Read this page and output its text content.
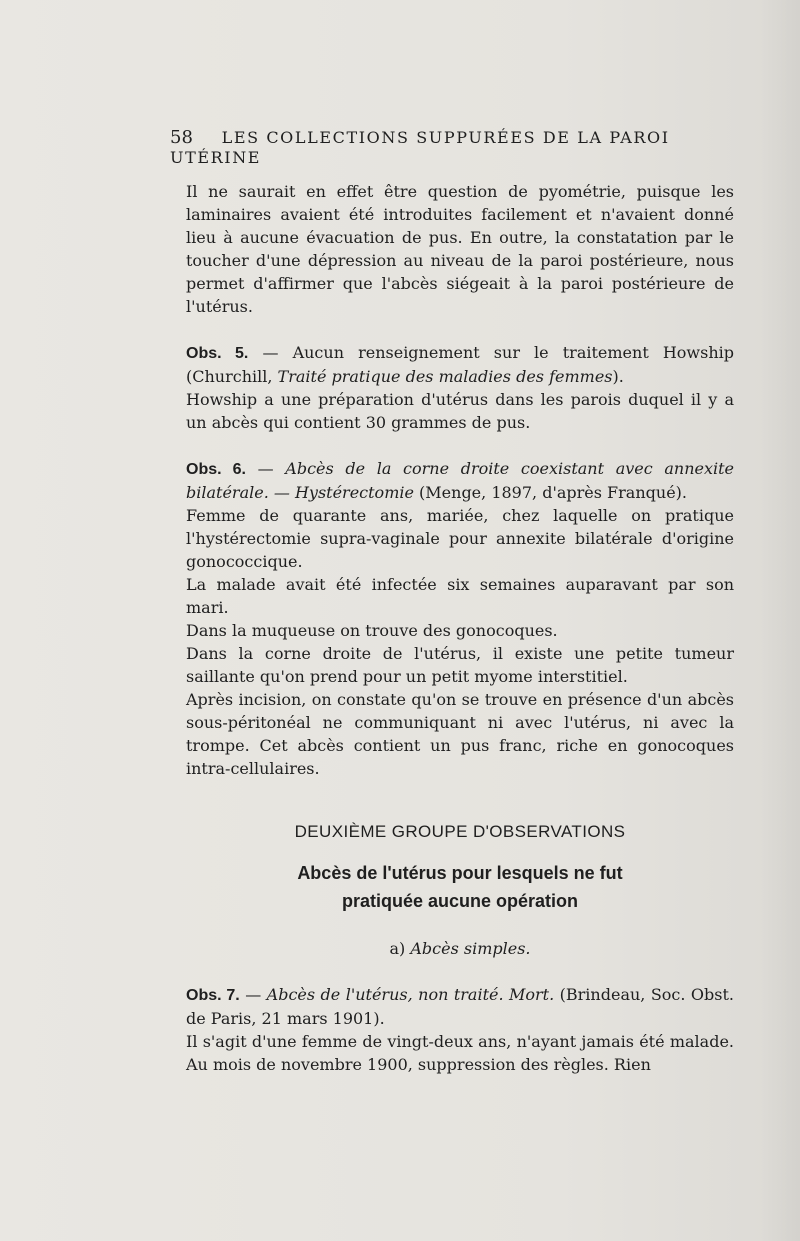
58 LES COLLECTIONS SUPPURÉES DE LA PAROI UTÉRINE

Il ne saurait en effet être question de pyométrie, puisque les laminaires avaient été introduites facilement et n'avaient donné lieu à aucune évacuation de pus. En outre, la constatation par le toucher d'une dépression au niveau de la paroi postérieure, nous permet d'affirmer que l'abcès siégeait à la paroi postérieure de l'utérus.

Obs. 5. — Aucun renseignement sur le traitement Howship (Churchill, Traité pratique des maladies des femmes).

Howship a une préparation d'utérus dans les parois duquel il y a un abcès qui contient 30 grammes de pus.

Obs. 6. — Abcès de la corne droite coexistant avec annexite bilatérale. — Hystérectomie (Menge, 1897, d'après Franqué).

Femme de quarante ans, mariée, chez laquelle on pratique l'hystérectomie supra-vaginale pour annexite bilatérale d'origine gonococcique.

La malade avait été infectée six semaines auparavant par son mari.

Dans la muqueuse on trouve des gonocoques.

Dans la corne droite de l'utérus, il existe une petite tumeur saillante qu'on prend pour un petit myome interstitiel.

Après incision, on constate qu'on se trouve en présence d'un abcès sous-péritonéal ne communiquant ni avec l'utérus, ni avec la trompe. Cet abcès contient un pus franc, riche en gonocoques intra-cellulaires.

DEUXIÈME GROUPE D'OBSERVATIONS
Abcès de l'utérus pour lesquels ne fut
pratiquée aucune opération
a) Abcès simples.

Obs. 7. — Abcès de l'utérus, non traité. Mort. (Brindeau, Soc. Obst. de Paris, 21 mars 1901).

Il s'agit d'une femme de vingt-deux ans, n'ayant jamais été malade. Au mois de novembre 1900, suppression des règles. Rien
